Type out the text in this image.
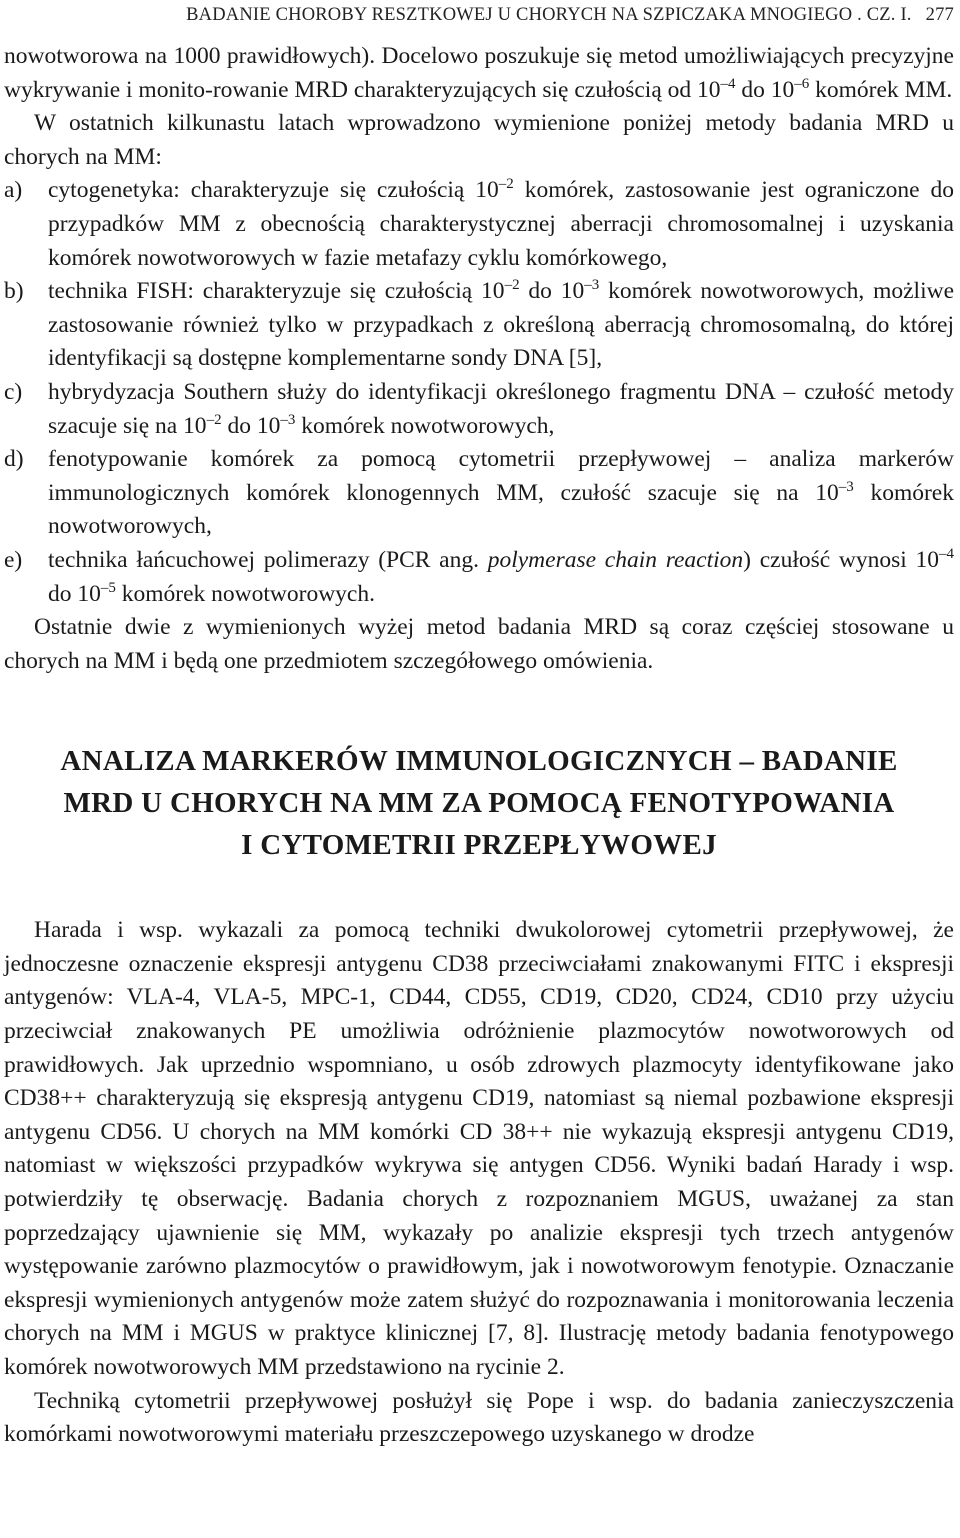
BADANIE CHOROBY RESZTKOWEJ U CHORYCH NA SZPICZAKA MNOGIEGO . CZ. I. 277

nowotworowa na 1000 prawidłowych). Docelowo poszukuje się metod umożliwiających precyzyjne wykrywanie i monito-rowanie MRD charakteryzujących się czułością od $10^{-4}$ do $10^{-6}$ komórek MM.

W ostatnich kilkunastu latach wprowadzono wymienione poniżej metody badania MRD u chorych na MM:

a) cytogenetyka: charakteryzuje się czułością $10^{-2}$ komórek, zastosowanie jest ograniczone do przypadków MM z obecnością charakterystycznej aberracji chromosomalnej i uzyskania komórek nowotworowych w fazie metafazy cyklu komórkowego,
b) technika FISH: charakteryzuje się czułością $10^{-2}$ do $10^{-3}$ komórek nowotworowych, możliwe zastosowanie również tylko w przypadkach z określoną aberracją chromosomalną, do której identyfikacji są dostępne komplementarne sondy DNA [5],
c) hybrydyzacja Southern służy do identyfikacji określonego fragmentu DNA – czułość metody szacuje się na $10^{-2}$ do $10^{-3}$ komórek nowotworowych,
d) fenotypowanie komórek za pomocą cytometrii przepływowej – analiza markerów immunologicznych komórek klonogennych MM, czułość szacuje się na $10^{-3}$ komórek nowotworowych,
e) technika łańcuchowej polimerazy (PCR ang. polymerase chain reaction) czułość wynosi $10^{-4}$ do $10^{-5}$ komórek nowotworowych.

Ostatnie dwie z wymienionych wyżej metod badania MRD są coraz częściej stosowane u chorych na MM i będą one przedmiotem szczegółowego omówienia.

ANALIZA MARKERÓW IMMUNOLOGICZNYCH – BADANIE
MRD U CHORYCH NA MM ZA POMOCĄ FENOTYPOWANIA
I CYTOMETRII PRZEPŁYWOWEJ

Harada i wsp. wykazali za pomocą techniki dwukolorowej cytometrii przepływowej, że jednoczesne oznaczenie ekspresji antygenu CD38 przeciwciałami znakowanymi FITC i ekspresji antygenów: VLA-4, VLA-5, MPC-1, CD44, CD55, CD19, CD20, CD24, CD10 przy użyciu przeciwciał znakowanych PE umożliwia odróżnienie plazmocytów nowotworowych od prawidłowych. Jak uprzednio wspomniano, u osób zdrowych plazmocyty identyfikowane jako CD38++ charakteryzują się ekspresją antygenu CD19, natomiast są niemal pozbawione ekspresji antygenu CD56. U chorych na MM komórki CD 38++ nie wykazują ekspresji antygenu CD19, natomiast w większości przypadków wykrywa się antygen CD56. Wyniki badań Harady i wsp. potwierdziły tę obserwację. Badania chorych z rozpoznaniem MGUS, uważanej za stan poprzedzający ujawnienie się MM, wykazały po analizie ekspresji tych trzech antygenów występowanie zarówno plazmocytów o prawidłowym, jak i nowotworowym fenotypie. Oznaczanie ekspresji wymienionych antygenów może zatem służyć do rozpoznawania i monitorowania leczenia chorych na MM i MGUS w praktyce klinicznej [7, 8]. Ilustrację metody badania fenotypowego komórek nowotworowych MM przedstawiono na rycinie 2.

Techniką cytometrii przepływowej posłużył się Pope i wsp. do badania zanieczyszczenia komórkami nowotworowymi materiału przeszczepowego uzyskanego w drodze
